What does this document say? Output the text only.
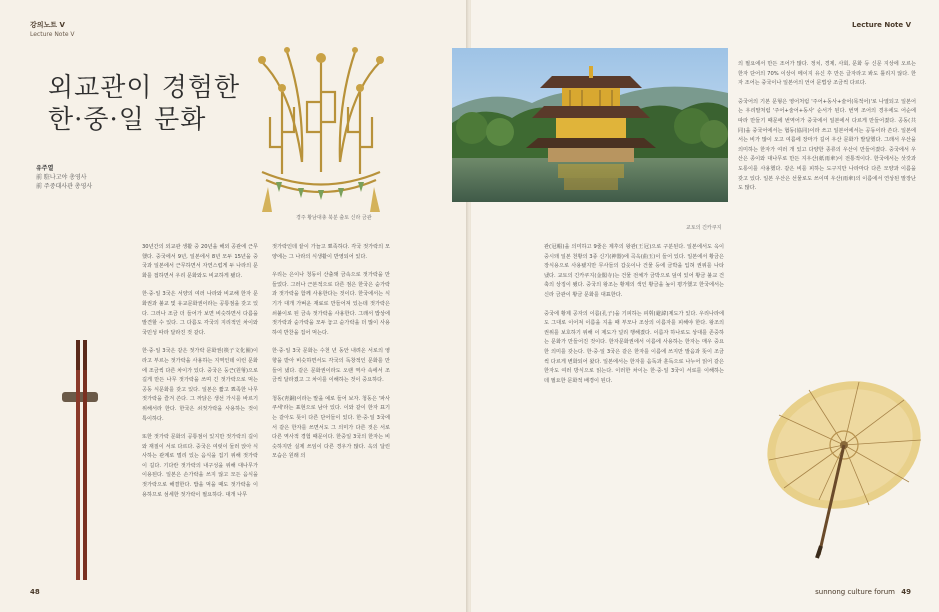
강의노트 V
Lecture Note V
외교관이 경험한
한·중·일 문화
유주열
前 駐나고야 총영사
前 주중대사관 총영사
경주 황남대총 북분 출토 신라 금관

30년간의 외교관 생활 중 20년을 해외 공관에 근무했다. 중국에서 9년, 일본에서 8년 모두 15년을 중국과 일본에서 근무하면서 자연스럽게 두 나라의 문화를 접하면서 우리 문화와도 비교하게 됐다.

한·중·일 3국은 서양의 여러 나라와 비교해 한자 문화권과 불교 및 유교문화권이라는 공통점을 갖고 있다. 그러나 조금 더 들어가 보면 비슷하면서 다름을 발견할 수 있다. 그 다름도 각국의 지리적인 차이와 국민성 따라 달라진 것 같다.

한·중·일 3국은 같은 젓가락 문화권(筷子文化圈)이라고 부르는 젓가락을 사용하는 지역인데 이런 문화에 조금씩 다른 차이가 있다. 중국은 둥근(원형)으로 길게 만든 나무 젓가락을 쓰며 긴 젓가락으로 먹는 공동 식문화를 갖고 있다. 일본은 짧고 뾰족한 나무 젓가락을 즐겨 쓴다. 그 까닭은 생선 가시를 바르기 위해서라 한다. 한국은 쇠젓가락을 사용하는 것이 특이하다.

또한 젓가락 문화의 공통점이 있지만 젓가락의 길이와 재질이 서로 다르다. 중국은 여럿이 둘러 앉아 식사하는 관계로 멀리 있는 음식을 집기 위해 젓가락이 길다. 기다란 젓가락의 내구성을 위해 대나무가 이용된다. 일본은 손가락을 쓰지 않고 모든 음식을 젓가락으로 해결한다. 밥을 먹을 때도 젓가락을 이용하므로 섬세한 젓가락이 필요하다. 대개 나무

젓가락인데 끝이 가늘고 뾰족하다. 각국 젓가락의 모양에는 그 나라의 식생활이 반영되어 있다.

우리는 은이나 청동이 산출돼 금속으로 젓가락을 만들었다. 그러나 근본적으로 다른 점은 한국은 숟가락과 젓가락을 함께 사용한다는 것이다. 한국에서는 식기가 대개 가벼운 재료로 만들어져 있는데 젓가락은 쇠붙이로 된 금속 젓가락을 사용한다. 그래서 밥상에 젓가락과 숟가락을 모두 놓고 숟가락을 더 많이 사용하여 반찬을 집어 먹는다.

한·중·일 3국 문화는 수천 년 동안 내려온 서로의 영향을 받아 비슷하면서도 각국의 독창적인 문화를 만들어 냈다. 같은 문화권이라도 오랜 역사 속에서 조금씩 달라졌고 그 차이를 이해하는 것이 중요하다.

청동(靑銅)이라는 말을 예로 들어 보자. 청동은 '파사쿠세'라는 표현으로 남아 있다. 이와 같이 한자 표기는 같아도 뜻이 다른 단어들이 있다. 한·중·일 3국에서 같은 한자를 쓰면서도 그 의미가 다른 것은 서로 다른 역사적 경험 때문이다. 한중일 3국의 한자는 비슷하지만 실제 쓰임이 다른 경우가 많다. 옥의 달린 모습은 원래 의

48
Lecture Note V
sunnong culture forum 49
교토의 긴카쿠지

관(冠帽)을 의미하고 9줄은 제후의 왕관(王冠)으로 구분된다. 일본에서도 옥이 중시돼 일본 천황의 3종 신기(神器)에 곡옥(曲玉)이 들어 있다. 일본에서 황금은 장식용으로 사용됐지만 무사들의 갑옷이나 건물 등에 금박을 입혀 권위를 나타냈다. 교토의 긴카쿠지(金閣寺)는 건물 전체가 금박으로 덮여 있어 황금 불교 건축의 상징이 됐다. 중국의 왕조는 황제의 색인 황금을 높이 평가했고 한국에서는 신라 금관이 황금 문화를 대표한다.

중국에 황제 공자의 이름(孔子)을 기피하는 피휘(避諱)제도가 있다. 우리나라에도 그대로 이어져 이름을 지을 때 부모나 조상의 이름자를 피해야 한다. 왕조의 권위를 보호하기 위해 이 제도가 널리 행해졌다. 이름자 하나로도 상대를 존중하는 문화가 만들어진 것이다. 한자문화권에서 이름에 사용하는 한자는 매우 중요한 의미를 갖는다. 한·중·일 3국은 같은 한자를 이름에 쓰지만 발음과 뜻이 조금씩 다르게 변화되어 왔다. 일본에서는 한자를 음독과 훈독으로 나누어 읽어 같은 한자도 여러 방식으로 읽는다. 이러한 차이는 한·중·일 3국이 서로를 이해하는 데 필요한 문화적 배경이 된다.

의 필요에서 만든 조어가 많다. 정치, 경제, 사회, 문화 등 신문 지상에 오르는 한자 단어의 70% 이상이 메이지 유신 후 만든 글자라고 봐도 틀리지 않다. 한자 조어는 중국이나 일본어의 언어 문법상 조금씩 다르다.

중국어의 기본 문형은 영어처럼 '주어+동사+술어(목적어)'로 나열되고 일본어는 우리말처럼 '주어+술어+동사' 순서가 된다. 번역 조어의 경우에도 어순에 따라 만들기 때문에 번역어가 중국에서 일본에서 다르게 만들어졌다. 공동(共同)을 중국어에서는 협동(協同)이라 쓰고 일본어에서는 공동이라 쓴다. 일본에서는 비가 많이 오고 여름에 장마가 길어 우산 문화가 발달했다. 그래서 우산을 의미하는 한자가 여러 개 있고 다양한 종류의 우산이 만들어졌다. 중국에서 우산은 종이와 대나무로 만든 지우산(紙雨傘)이 전통적이다. 한국에서는 삿갓과 도롱이를 사용했다. 같은 비를 피하는 도구지만 나라마다 다른 모양과 이름을 갖고 있다. 일본 우산은 선물로도 쓰이며 우산(雨傘)의 이름에서 연상된 말장난도 많다.
